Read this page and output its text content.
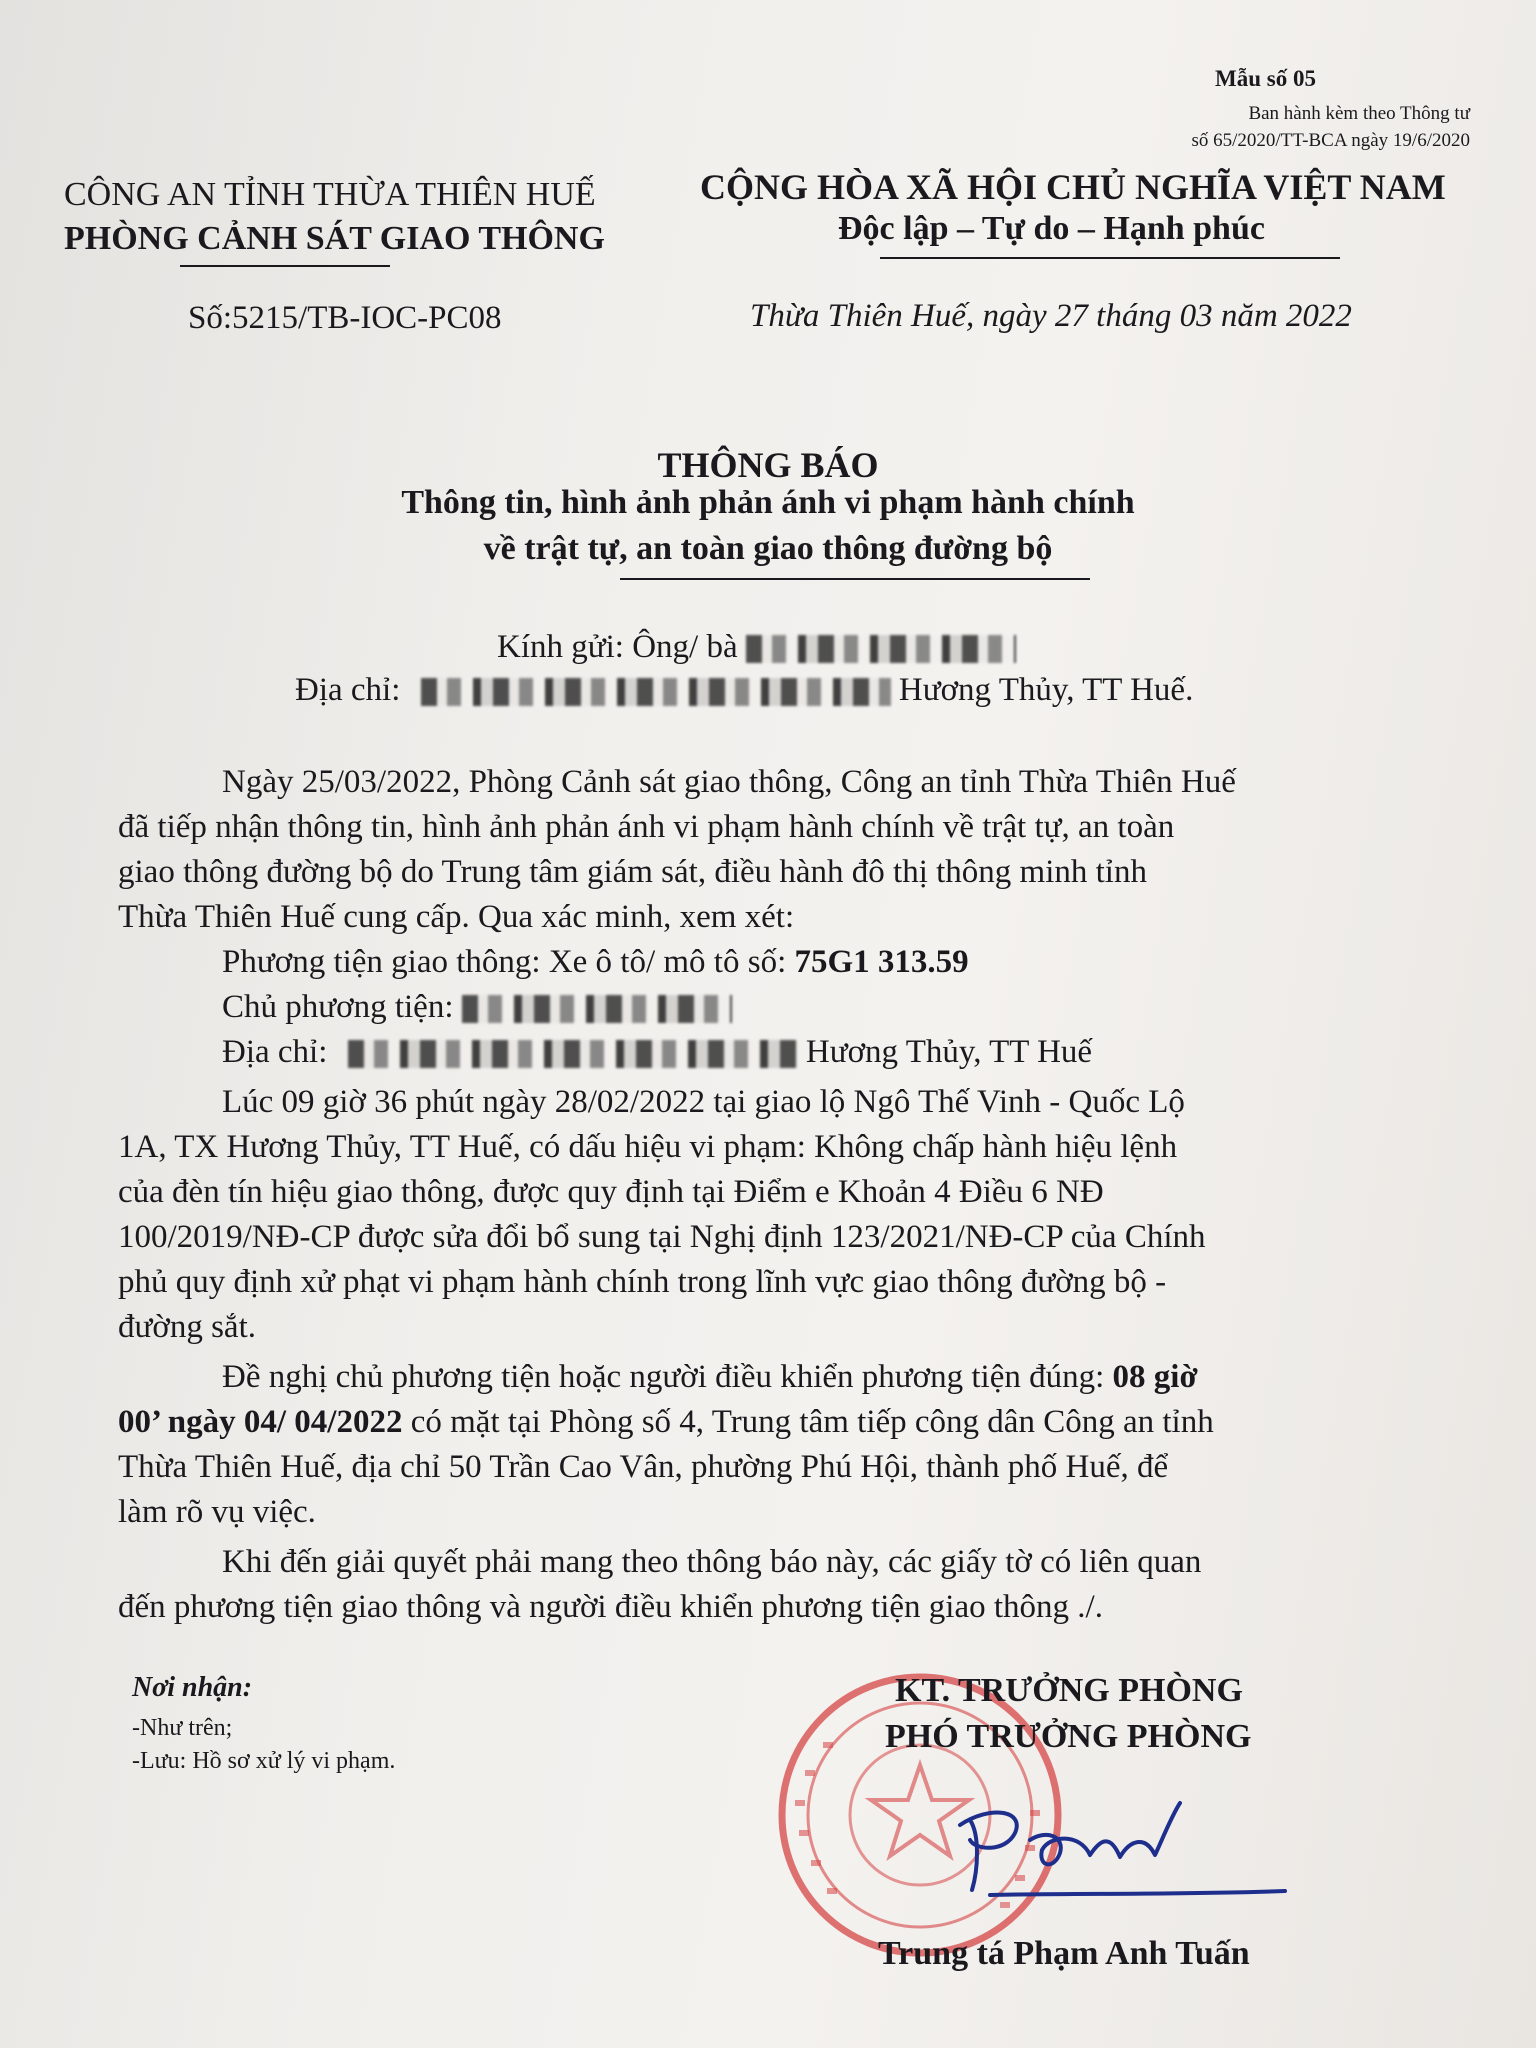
Mẫu số 05
Ban hành kèm theo Thông tư
số 65/2020/TT-BCA ngày 19/6/2020
CÔNG AN TỈNH THỪA THIÊN HUẾ
PHÒNG CẢNH SÁT GIAO THÔNG
CỘNG HÒA XÃ HỘI CHỦ NGHĨA VIỆT NAM
Độc lập – Tự do – Hạnh phúc
Số:5215/TB-IOC-PC08	Thừa Thiên Huế, ngày 27 tháng 03 năm 2022
THÔNG BÁO
Thông tin, hình ảnh phản ánh vi phạm hành chính
về trật tự, an toàn giao thông đường bộ
Kính gửi: Ông/ bà
Địa chỉ:	Hương Thủy, TT Huế.
Ngày 25/03/2022, Phòng Cảnh sát giao thông, Công an tỉnh Thừa Thiên Huế
đã tiếp nhận thông tin, hình ảnh phản ánh vi phạm hành chính về trật tự, an toàn
giao thông đường bộ do Trung tâm giám sát, điều hành đô thị thông minh tỉnh
Thừa Thiên Huế cung cấp. Qua xác minh, xem xét:
Phương tiện giao thông: Xe ô tô/ mô tô số: 75G1 313.59
Chủ phương tiện:
Địa chỉ:	Hương Thủy, TT Huế
Lúc 09 giờ 36 phút ngày 28/02/2022 tại giao lộ Ngô Thế Vinh - Quốc Lộ
1A, TX Hương Thủy, TT Huế, có dấu hiệu vi phạm: Không chấp hành hiệu lệnh
của đèn tín hiệu giao thông, được quy định tại Điểm e Khoản 4 Điều 6 NĐ
100/2019/NĐ-CP được sửa đổi bổ sung tại Nghị định 123/2021/NĐ-CP của Chính
phủ quy định xử phạt vi phạm hành chính trong lĩnh vực giao thông đường bộ -
đường sắt.
Đề nghị chủ phương tiện hoặc người điều khiển phương tiện đúng: 08 giờ
00’ ngày 04/ 04/2022 có mặt tại Phòng số 4, Trung tâm tiếp công dân Công an tỉnh
Thừa Thiên Huế, địa chỉ 50 Trần Cao Vân, phường Phú Hội, thành phố Huế, để
làm rõ vụ việc.
Khi đến giải quyết phải mang theo thông báo này, các giấy tờ có liên quan
đến phương tiện giao thông và người điều khiển phương tiện giao thông ./.
Nơi nhận:
-Như trên;
-Lưu: Hồ sơ xử lý vi phạm.
KT. TRƯỞNG PHÒNG
PHÓ TRƯỞNG PHÒNG
Trung tá Phạm Anh Tuấn
